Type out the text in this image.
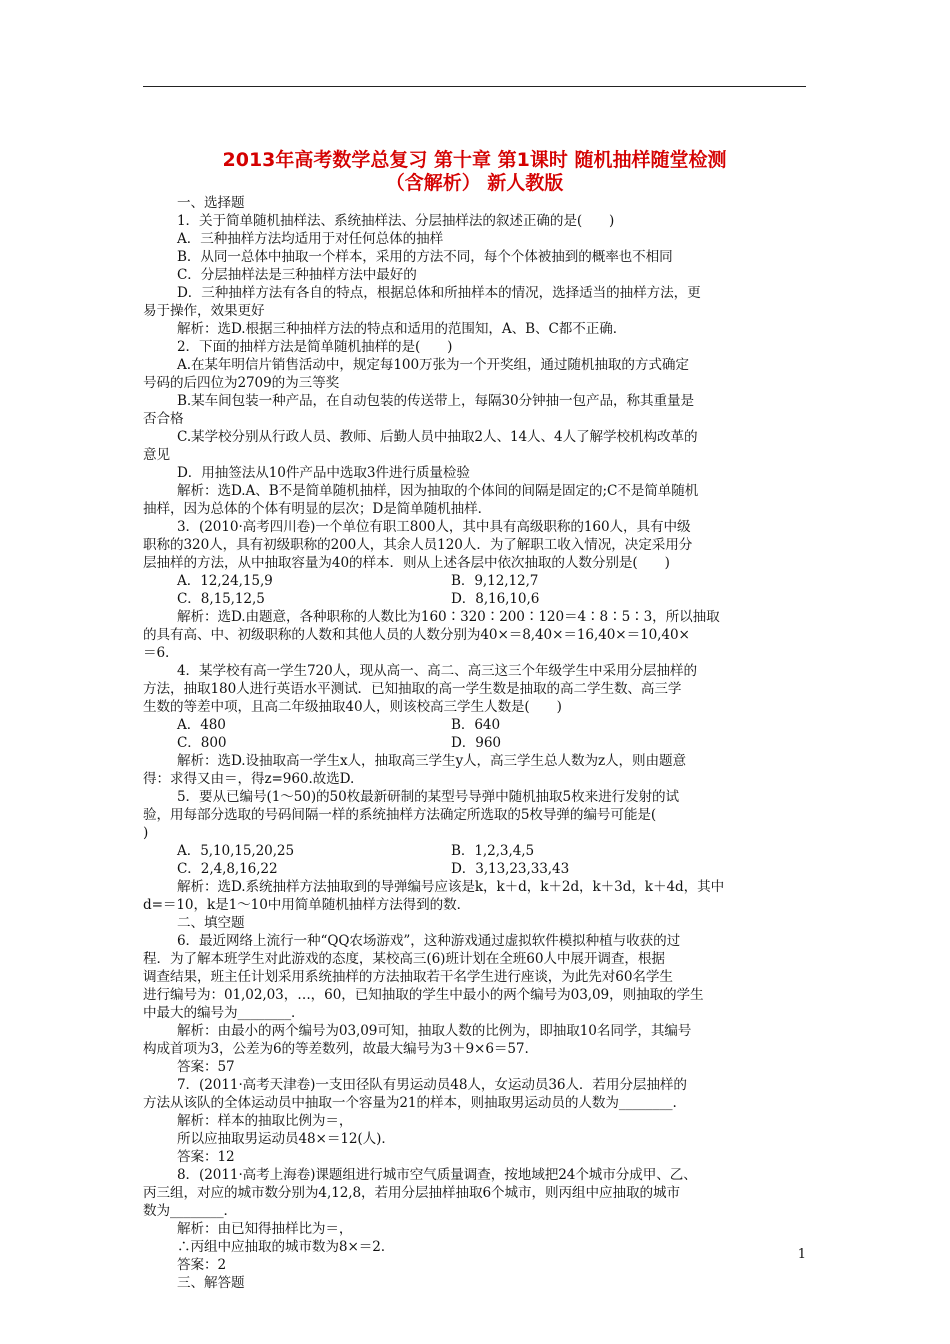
2013年高考数学总复习 第十章 第1课时 随机抽样随堂检测
（含解析） 新人教版
一、选择题
1．关于简单随机抽样法、系统抽样法、分层抽样法的叙述正确的是(　　)
A．三种抽样方法均适用于对任何总体的抽样
B．从同一总体中抽取一个样本，采用的方法不同，每个个体被抽到的概率也不相同
C．分层抽样法是三种抽样方法中最好的
D．三种抽样方法有各自的特点，根据总体和所抽样本的情况，选择适当的抽样方法，更
易于操作，效果更好
解析：选D.根据三种抽样方法的特点和适用的范围知，A、B、C都不正确．
2．下面的抽样方法是简单随机抽样的是(　　)
A.在某年明信片销售活动中，规定每100万张为一个开奖组，通过随机抽取的方式确定
号码的后四位为2709的为三等奖
B.某车间包装一种产品，在自动包装的传送带上，每隔30分钟抽一包产品，称其重量是
否合格
C.某学校分别从行政人员、教师、后勤人员中抽取2人、14人、4人了解学校机构改革的
意见
D．用抽签法从10件产品中选取3件进行质量检验
解析：选D.A、B不是简单随机抽样，因为抽取的个体间的间隔是固定的;C不是简单随机
抽样，因为总体的个体有明显的层次；D是简单随机抽样．
3．(2010·高考四川卷)一个单位有职工800人，其中具有高级职称的160人，具有中级
职称的320人，具有初级职称的200人，其余人员120人．为了解职工收入情况，决定采用分
层抽样的方法，从中抽取容量为40的样本．则从上述各层中依次抽取的人数分别是(　　)
A．12,24,15,9	B．9,12,12,7
C．8,15,12,5	D．8,16,10,6
解析：选D.由题意，各种职称的人数比为160∶320∶200∶120＝4∶8∶5∶3，所以抽取
的具有高、中、初级职称的人数和其他人员的人数分别为40×＝8,40×＝16,40×＝10,40×
＝6.
4．某学校有高一学生720人，现从高一、高二、高三这三个年级学生中采用分层抽样的
方法，抽取180人进行英语水平测试．已知抽取的高一学生数是抽取的高二学生数、高三学
生数的等差中项，且高二年级抽取40人，则该校高三学生人数是(　　)
A．480	B．640
C．800	D．960
解析：选D.设抽取高一学生x人，抽取高三学生y人，高三学生总人数为z人，则由题意
得：求得又由＝，得z=960.故选D.
5．要从已编号(1～50)的50枚最新研制的某型号导弹中随机抽取5枚来进行发射的试
验，用每部分选取的号码间隔一样的系统抽样方法确定所选取的5枚导弹的编号可能是(
)
A．5,10,15,20,25	B．1,2,3,4,5
C．2,4,8,16,22	D．3,13,23,33,43
解析：选D.系统抽样方法抽取到的导弹编号应该是k，k＋d，k＋2d，k＋3d，k＋4d，其中
d=＝10，k是1～10中用简单随机抽样方法得到的数．
二、填空题
6．最近网络上流行一种“QQ农场游戏”，这种游戏通过虚拟软件模拟种植与收获的过
程．为了解本班学生对此游戏的态度，某校高三(6)班计划在全班60人中展开调查，根据
调查结果，班主任计划采用系统抽样的方法抽取若干名学生进行座谈，为此先对60名学生
进行编号为：01,02,03，…，60，已知抽取的学生中最小的两个编号为03,09，则抽取的学生
中最大的编号为________．
解析：由最小的两个编号为03,09可知，抽取人数的比例为，即抽取10名同学，其编号
构成首项为3，公差为6的等差数列，故最大编号为3＋9×6＝57.
答案：57
7．(2011·高考天津卷)一支田径队有男运动员48人，女运动员36人．若用分层抽样的
方法从该队的全体运动员中抽取一个容量为21的样本，则抽取男运动员的人数为________.
解析：样本的抽取比例为＝，
所以应抽取男运动员48×＝12(人)．
答案：12
8．(2011·高考上海卷)课题组进行城市空气质量调查，按地域把24个城市分成甲、乙、
丙三组，对应的城市数分别为4,12,8，若用分层抽样抽取6个城市，则丙组中应抽取的城市
数为________．
解析：由已知得抽样比为＝，
∴丙组中应抽取的城市数为8×＝2.
答案：2
三、解答题
1
